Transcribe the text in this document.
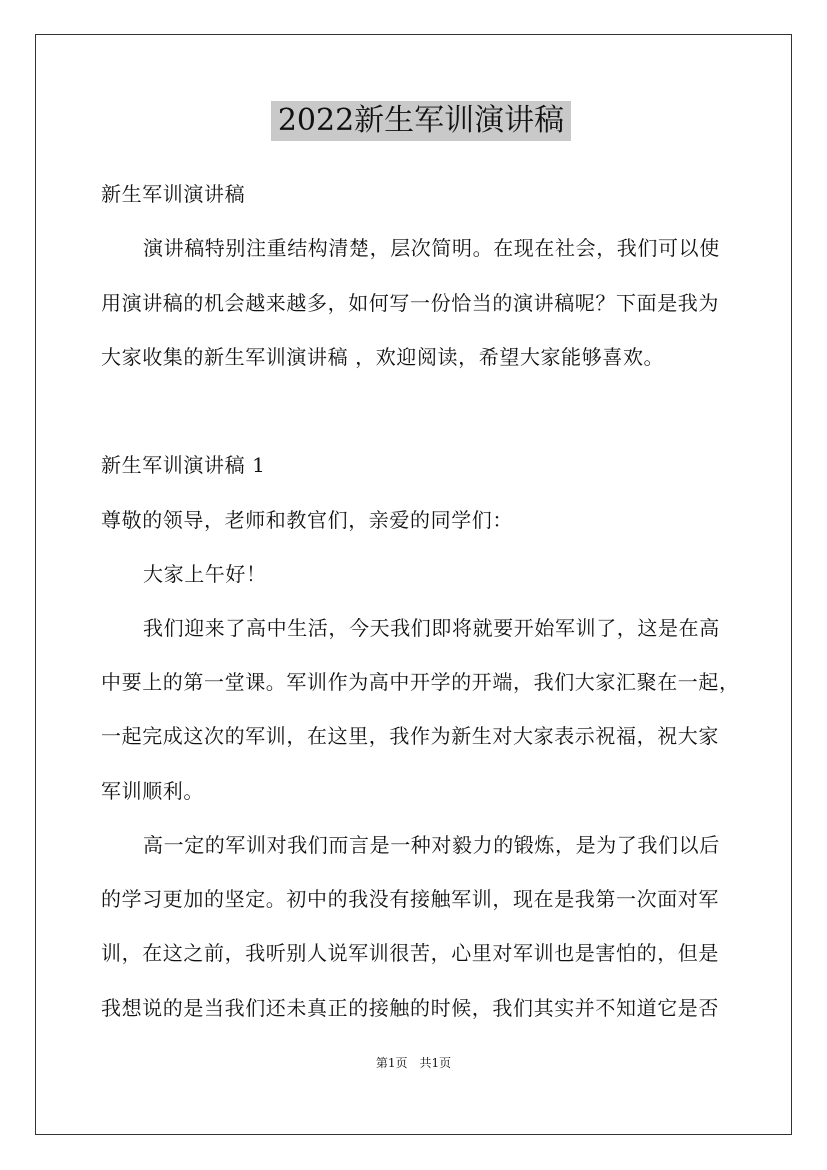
2022新生军训演讲稿
新生军训演讲稿
演讲稿特别注重结构清楚，层次简明。在现在社会，我们可以使
用演讲稿的机会越来越多，如何写一份恰当的演讲稿呢？下面是我为
大家收集的新生军训演讲稿 ，欢迎阅读，希望大家能够喜欢。
新生军训演讲稿 1
尊敬的领导，老师和教官们，亲爱的同学们：
大家上午好！
我们迎来了高中生活，今天我们即将就要开始军训了，这是在高
中要上的第一堂课。军训作为高中开学的开端，我们大家汇聚在一起，
一起完成这次的军训，在这里，我作为新生对大家表示祝福，祝大家
军训顺利。
高一定的军训对我们而言是一种对毅力的锻炼，是为了我们以后
的学习更加的坚定。初中的我没有接触军训，现在是我第一次面对军
训，在这之前，我听别人说军训很苦，心里对军训也是害怕的，但是
我想说的是当我们还未真正的接触的时候，我们其实并不知道它是否
第1页　共1页
